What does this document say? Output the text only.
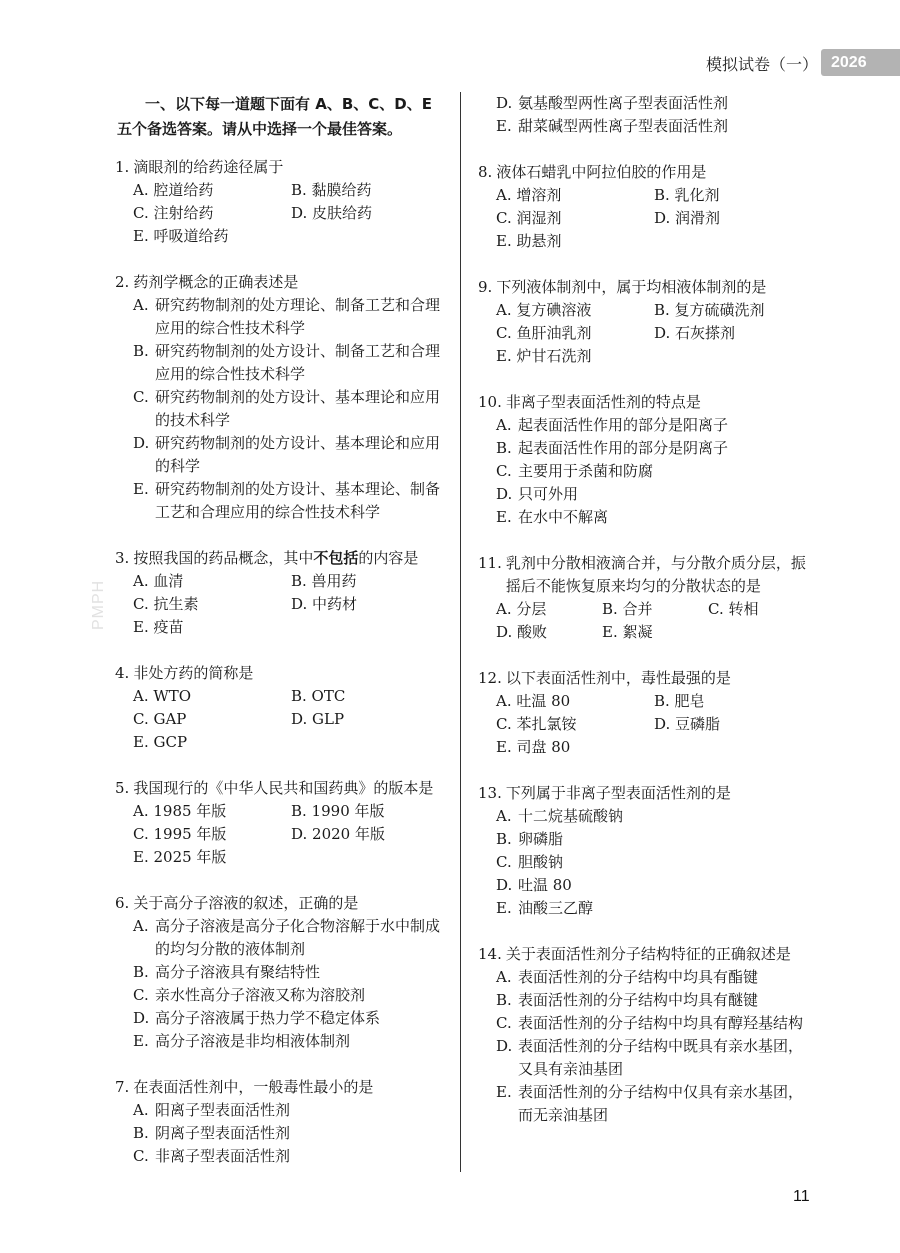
模拟试卷（一） 2026
PMPH
一、以下每一道题下面有 A、B、C、D、E 五个备选答案。请从中选择一个最佳答案。
1. 滴眼剂的给药途径属于
A. 腔道给药	B. 黏膜给药
C. 注射给药	D. 皮肤给药
E. 呼吸道给药
2. 药剂学概念的正确表述是
A. 研究药物制剂的处方理论、制备工艺和合理应用的综合性技术科学
B. 研究药物制剂的处方设计、制备工艺和合理应用的综合性技术科学
C. 研究药物制剂的处方设计、基本理论和应用的技术科学
D. 研究药物制剂的处方设计、基本理论和应用的科学
E. 研究药物制剂的处方设计、基本理论、制备工艺和合理应用的综合性技术科学
3. 按照我国的药品概念，其中不包括的内容是
A. 血清	B. 兽用药
C. 抗生素	D. 中药材
E. 疫苗
4. 非处方药的简称是
A. WTO	B. OTC
C. GAP	D. GLP
E. GCP
5. 我国现行的《中华人民共和国药典》的版本是
A. 1985 年版	B. 1990 年版
C. 1995 年版	D. 2020 年版
E. 2025 年版
6. 关于高分子溶液的叙述，正确的是
A. 高分子溶液是高分子化合物溶解于水中制成的均匀分散的液体制剂
B. 高分子溶液具有聚结特性
C. 亲水性高分子溶液又称为溶胶剂
D. 高分子溶液属于热力学不稳定体系
E. 高分子溶液是非均相液体制剂
7. 在表面活性剂中，一般毒性最小的是
A. 阳离子型表面活性剂
B. 阴离子型表面活性剂
C. 非离子型表面活性剂
D. 氨基酸型两性离子型表面活性剂
E. 甜菜碱型两性离子型表面活性剂
8. 液体石蜡乳中阿拉伯胶的作用是
A. 增溶剂	B. 乳化剂
C. 润湿剂	D. 润滑剂
E. 助悬剂
9. 下列液体制剂中，属于均相液体制剂的是
A. 复方碘溶液	B. 复方硫磺洗剂
C. 鱼肝油乳剂	D. 石灰搽剂
E. 炉甘石洗剂
10. 非离子型表面活性剂的特点是
A. 起表面活性作用的部分是阳离子
B. 起表面活性作用的部分是阴离子
C. 主要用于杀菌和防腐
D. 只可外用
E. 在水中不解离
11. 乳剂中分散相液滴合并，与分散介质分层，振摇后不能恢复原来均匀的分散状态的是
A. 分层	B. 合并	C. 转相
D. 酸败	E. 絮凝
12. 以下表面活性剂中，毒性最强的是
A. 吐温 80	B. 肥皂
C. 苯扎氯铵	D. 豆磷脂
E. 司盘 80
13. 下列属于非离子型表面活性剂的是
A. 十二烷基硫酸钠
B. 卵磷脂
C. 胆酸钠
D. 吐温 80
E. 油酸三乙醇
14. 关于表面活性剂分子结构特征的正确叙述是
A. 表面活性剂的分子结构中均具有酯键
B. 表面活性剂的分子结构中均具有醚键
C. 表面活性剂的分子结构中均具有醇羟基结构
D. 表面活性剂的分子结构中既具有亲水基团，又具有亲油基团
E. 表面活性剂的分子结构中仅具有亲水基团，而无亲油基团
11
